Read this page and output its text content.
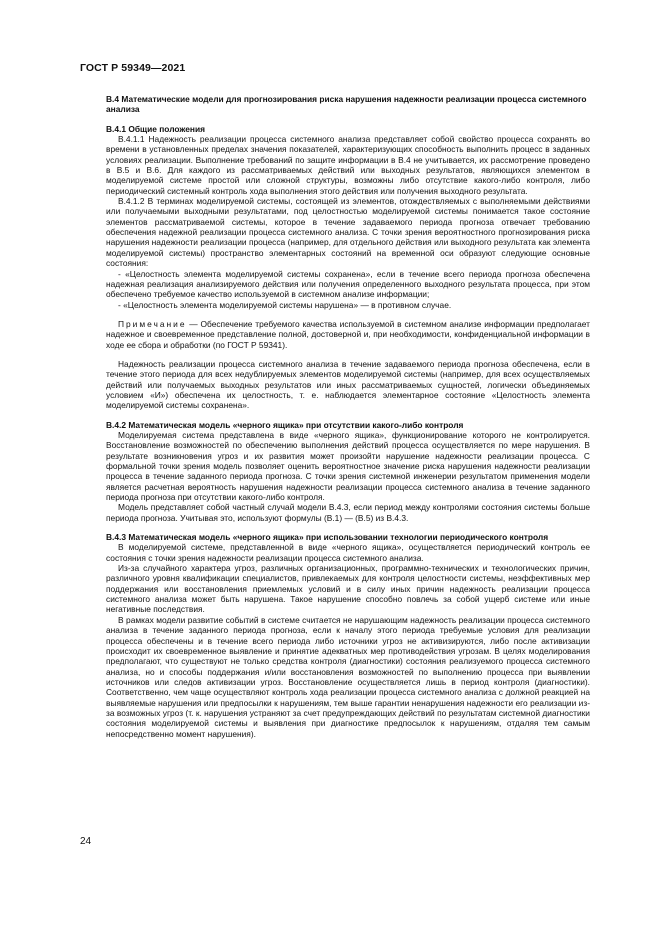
ГОСТ Р 59349—2021

В.4 Математические модели для прогнозирования риска нарушения надежности реализации процесса системного анализа

В.4.1 Общие положения

В.4.1.1 Надежность реализации процесса системного анализа представляет собой свойство процесса сохранять во времени в установленных пределах значения показателей, характеризующих способность выполнить процесс в заданных условиях реализации. Выполнение требований по защите информации в В.4 не учитывается, их рассмотрение проведено в В.5 и В.6. Для каждого из рассматриваемых действий или выходных результатов, являющихся элементом в моделируемой системе простой или сложной структуры, возможны либо отсутствие какого-либо контроля, либо периодический системный контроль хода выполнения этого действия или получения выходного результата.

В.4.1.2 В терминах моделируемой системы, состоящей из элементов, отождествляемых с выполняемыми действиями или получаемыми выходными результатами, под целостностью моделируемой системы понимается такое состояние элементов рассматриваемой системы, которое в течение задаваемого периода прогноза отвечает требованию обеспечения надежной реализации процесса системного анализа. С точки зрения вероятностного прогнозирования риска нарушения надежности реализации процесса (например, для отдельного действия или выходного результата как элемента моделируемой системы) пространство элементарных состояний на временной оси образуют следующие основные состояния:

- «Целостность элемента моделируемой системы сохранена», если в течение всего периода прогноза обеспечена надежная реализация анализируемого действия или получения определенного выходного результата процесса, при этом обеспечено требуемое качество используемой в системном анализе информации;

- «Целостность элемента моделируемой системы нарушена» — в противном случае.

Примечание — Обеспечение требуемого качества используемой в системном анализе информации предполагает надежное и своевременное представление полной, достоверной и, при необходимости, конфиденциальной информации в ходе ее сбора и обработки (по ГОСТ Р 59341).

Надежность реализации процесса системного анализа в течение задаваемого периода прогноза обеспечена, если в течение этого периода для всех недублируемых элементов моделируемой системы (например, для всех осуществляемых действий или получаемых выходных результатов или иных рассматриваемых сущностей, логически объединяемых условием «И») обеспечена их целостность, т. е. наблюдается элементарное состояние «Целостность элемента моделируемой системы сохранена».

В.4.2 Математическая модель «черного ящика» при отсутствии какого-либо контроля

Моделируемая система представлена в виде «черного ящика», функционирование которого не контролируется. Восстановление возможностей по обеспечению выполнения действий процесса осуществляется по мере нарушения. В результате возникновения угроз и их развития может произойти нарушение надежности реализации процесса. С формальной точки зрения модель позволяет оценить вероятностное значение риска нарушения надежности реализации процесса в течение заданного периода прогноза. С точки зрения системной инженерии результатом применения модели является расчетная вероятность нарушения надежности реализации процесса системного анализа в течение заданного периода прогноза при отсутствии какого-либо контроля.

Модель представляет собой частный случай модели В.4.3, если период между контролями состояния системы больше периода прогноза. Учитывая это, используют формулы (В.1) — (В.5) из В.4.3.

В.4.3 Математическая модель «черного ящика» при использовании технологии периодического контроля

В моделируемой системе, представленной в виде «черного ящика», осуществляется периодический контроль ее состояния с точки зрения надежности реализации процесса системного анализа.

Из-за случайного характера угроз, различных организационных, программно-технических и технологических причин, различного уровня квалификации специалистов, привлекаемых для контроля целостности системы, неэффективных мер поддержания или восстановления приемлемых условий и в силу иных причин надежность реализации процесса системного анализа может быть нарушена. Такое нарушение способно повлечь за собой ущерб системе или иные негативные последствия.

В рамках модели развитие событий в системе считается не нарушающим надежность реализации процесса системного анализа в течение заданного периода прогноза, если к началу этого периода требуемые условия для реализации процесса обеспечены и в течение всего периода либо источники угроз не активизируются, либо после активизации происходит их своевременное выявление и принятие адекватных мер противодействия угрозам. В целях моделирования предполагают, что существуют не только средства контроля (диагностики) состояния реализуемого процесса системного анализа, но и способы поддержания и/или восстановления возможностей по выполнению процесса при выявлении источников или следов активизации угроз. Восстановление осуществляется лишь в период контроля (диагностики). Соответственно, чем чаще осуществляют контроль хода реализации процесса системного анализа с должной реакцией на выявляемые нарушения или предпосылки к нарушениям, тем выше гарантии ненарушения надежности его реализации из-за возможных угроз (т. к. нарушения устраняют за счет предупреждающих действий по результатам системной диагностики состояния моделируемой системы и выявления при диагностике предпосылок к нарушениям, отдаляя тем самым непосредственно момент нарушения).

24
